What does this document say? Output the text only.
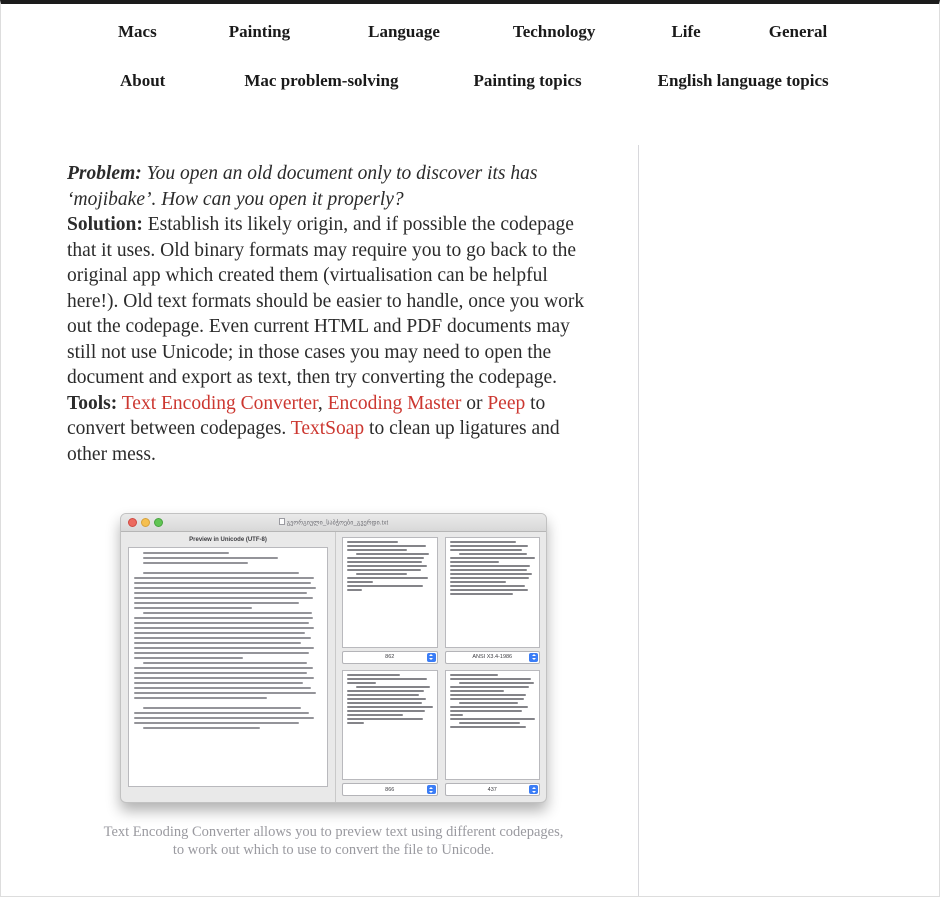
Macs	Painting	Language	Technology	Life	General
About	Mac problem-solving	Painting topics	English language topics

Problem: You open an old document only to discover its has ‘mojibake’. How can you open it properly?
Solution: Establish its likely origin, and if possible the codepage that it uses. Old binary formats may require you to go back to the original app which created them (virtualisation can be helpful here!). Old text formats should be easier to handle, once you work out the codepage. Even current HTML and PDF documents may still not use Unicode; in those cases you may need to open the document and export as text, then try converting the codepage.
Tools: Text Encoding Converter, Encoding Master or Peep to convert between codepages. TextSoap to clean up ligatures and other mess.

გეორგიული_საბჭოები_გვერდი.txt
Preview in Unicode (UTF-8)
862	ANSI X3.4-1986
866	437
Text Encoding Converter allows you to preview text using different codepages, to work out which to use to convert the file to Unicode.
